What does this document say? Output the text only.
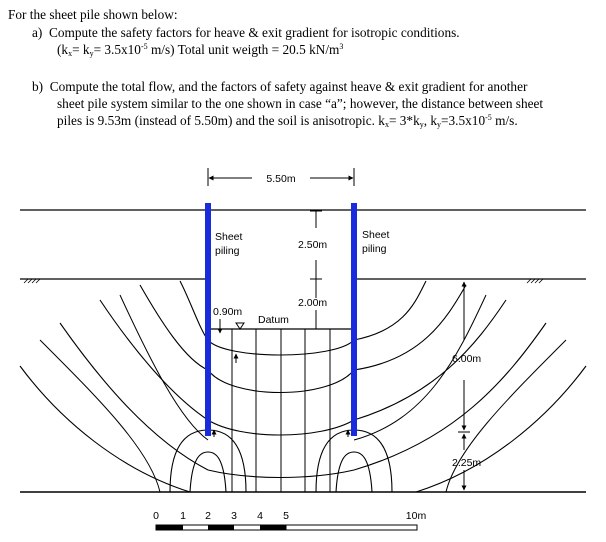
For the sheet pile shown below:
a) Compute the safety factors for heave & exit gradient for isotropic conditions.
($k_x= k_y= 3.5x10^{-5}$ m/s) Total unit weigth = 20.5 $kN/m^3$
b) Compute the total flow, and the factors of safety against heave & exit gradient for another
sheet pile system similar to the one shown in case “a”; however, the distance between sheet
piles is 9.53m (instead of 5.50m) and the soil is anisotropic. $k_x= 3*k_y$, $k_y=3.5x10^{-5}$ m/s.
5.50m
Sheet
piling
Sheet
piling
2.50m
2.00m
0.90m
Datum
6.00m
2.25m
0 1 2 3 4 5	10m
